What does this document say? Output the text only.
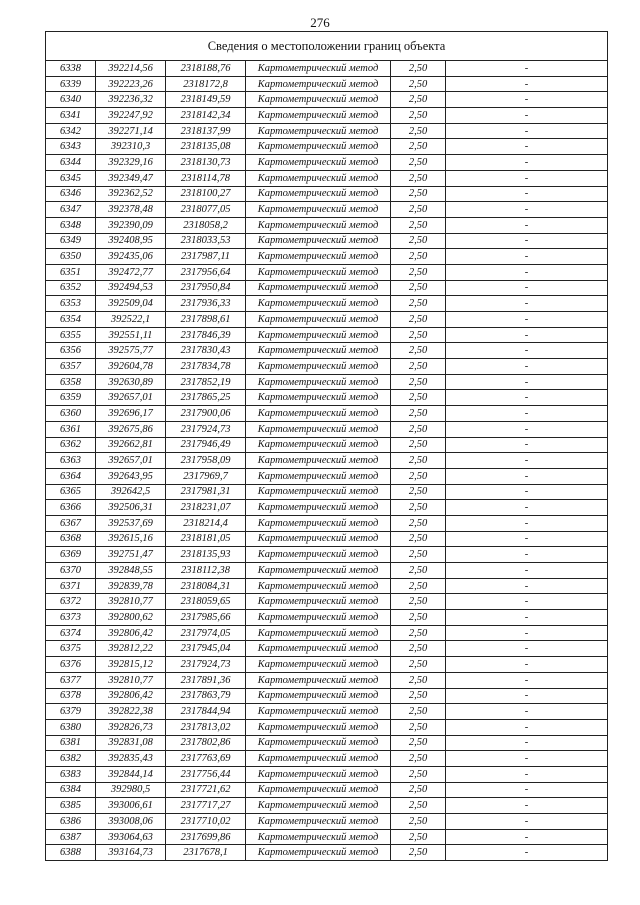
276
Сведения о местоположении границ объекта					
6338	392214,56	2318188,76	Картометрический метод	2,50	-
6339	392223,26	2318172,8	Картометрический метод	2,50	-
6340	392236,32	2318149,59	Картометрический метод	2,50	-
6341	392247,92	2318142,34	Картометрический метод	2,50	-
6342	392271,14	2318137,99	Картометрический метод	2,50	-
6343	392310,3	2318135,08	Картометрический метод	2,50	-
6344	392329,16	2318130,73	Картометрический метод	2,50	-
6345	392349,47	2318114,78	Картометрический метод	2,50	-
6346	392362,52	2318100,27	Картометрический метод	2,50	-
6347	392378,48	2318077,05	Картометрический метод	2,50	-
6348	392390,09	2318058,2	Картометрический метод	2,50	-
6349	392408,95	2318033,53	Картометрический метод	2,50	-
6350	392435,06	2317987,11	Картометрический метод	2,50	-
6351	392472,77	2317956,64	Картометрический метод	2,50	-
6352	392494,53	2317950,84	Картометрический метод	2,50	-
6353	392509,04	2317936,33	Картометрический метод	2,50	-
6354	392522,1	2317898,61	Картометрический метод	2,50	-
6355	392551,11	2317846,39	Картометрический метод	2,50	-
6356	392575,77	2317830,43	Картометрический метод	2,50	-
6357	392604,78	2317834,78	Картометрический метод	2,50	-
6358	392630,89	2317852,19	Картометрический метод	2,50	-
6359	392657,01	2317865,25	Картометрический метод	2,50	-
6360	392696,17	2317900,06	Картометрический метод	2,50	-
6361	392675,86	2317924,73	Картометрический метод	2,50	-
6362	392662,81	2317946,49	Картометрический метод	2,50	-
6363	392657,01	2317958,09	Картометрический метод	2,50	-
6364	392643,95	2317969,7	Картометрический метод	2,50	-
6365	392642,5	2317981,31	Картометрический метод	2,50	-
6366	392506,31	2318231,07	Картометрический метод	2,50	-
6367	392537,69	2318214,4	Картометрический метод	2,50	-
6368	392615,16	2318181,05	Картометрический метод	2,50	-
6369	392751,47	2318135,93	Картометрический метод	2,50	-
6370	392848,55	2318112,38	Картометрический метод	2,50	-
6371	392839,78	2318084,31	Картометрический метод	2,50	-
6372	392810,77	2318059,65	Картометрический метод	2,50	-
6373	392800,62	2317985,66	Картометрический метод	2,50	-
6374	392806,42	2317974,05	Картометрический метод	2,50	-
6375	392812,22	2317945,04	Картометрический метод	2,50	-
6376	392815,12	2317924,73	Картометрический метод	2,50	-
6377	392810,77	2317891,36	Картометрический метод	2,50	-
6378	392806,42	2317863,79	Картометрический метод	2,50	-
6379	392822,38	2317844,94	Картометрический метод	2,50	-
6380	392826,73	2317813,02	Картометрический метод	2,50	-
6381	392831,08	2317802,86	Картометрический метод	2,50	-
6382	392835,43	2317763,69	Картометрический метод	2,50	-
6383	392844,14	2317756,44	Картометрический метод	2,50	-
6384	392980,5	2317721,62	Картометрический метод	2,50	-
6385	393006,61	2317717,27	Картометрический метод	2,50	-
6386	393008,06	2317710,02	Картометрический метод	2,50	-
6387	393064,63	2317699,86	Картометрический метод	2,50	-
6388	393164,73	2317678,1	Картометрический метод	2,50	-
